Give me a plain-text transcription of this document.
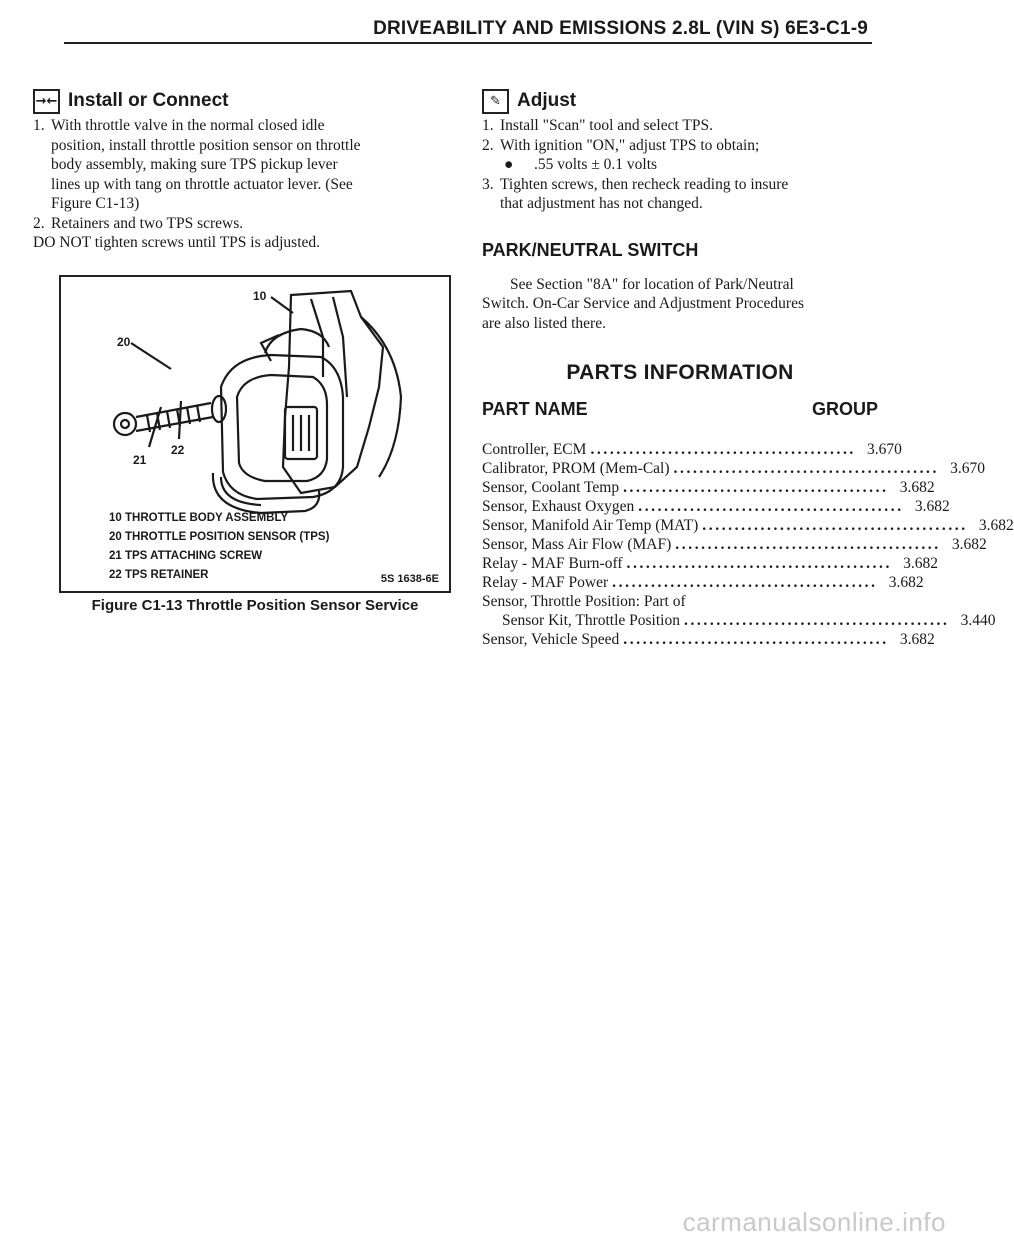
DRIVEABILITY AND EMISSIONS 2.8L (VIN S) 6E3-C1-9
→← Install or Connect
1. With throttle valve in the normal closed idle
position, install throttle position sensor on throttle
body assembly, making sure TPS pickup lever
lines up with tang on throttle actuator lever. (See
Figure C1-13)
2. Retainers and two TPS screws.

DO NOT tighten screws until TPS is adjusted.

10
20
21
22
10 THROTTLE BODY ASSEMBLY
20 THROTTLE POSITION SENSOR (TPS)
21 TPS ATTACHING SCREW
22 TPS RETAINER	5S 1638-6E
Figure C1-13 Throttle Position Sensor Service
✎ Adjust
1. Install "Scan" tool and select TPS.
2. With ignition "ON," adjust TPS to obtain;
●	.55 volts ± 0.1 volts
3. Tighten screws, then recheck reading to insure
that adjustment has not changed.
PARK/NEUTRAL SWITCH

See Section "8A" for location of Park/Neutral

Switch. On-Car Service and Adjustment Procedures

are also listed there.

PARTS INFORMATION
PART NAME	GROUP
Controller, ECM ......................................... 3.670
Calibrator, PROM (Mem-Cal) ......................................... 3.670
Sensor, Coolant Temp ......................................... 3.682
Sensor, Exhaust Oxygen ......................................... 3.682
Sensor, Manifold Air Temp (MAT) ......................................... 3.682
Sensor, Mass Air Flow (MAF) ......................................... 3.682
Relay - MAF Burn-off ......................................... 3.682
Relay - MAF Power ......................................... 3.682
Sensor, Throttle Position: Part of
Sensor Kit, Throttle Position ......................................... 3.440
Sensor, Vehicle Speed ......................................... 3.682
carmanualsonline.info
